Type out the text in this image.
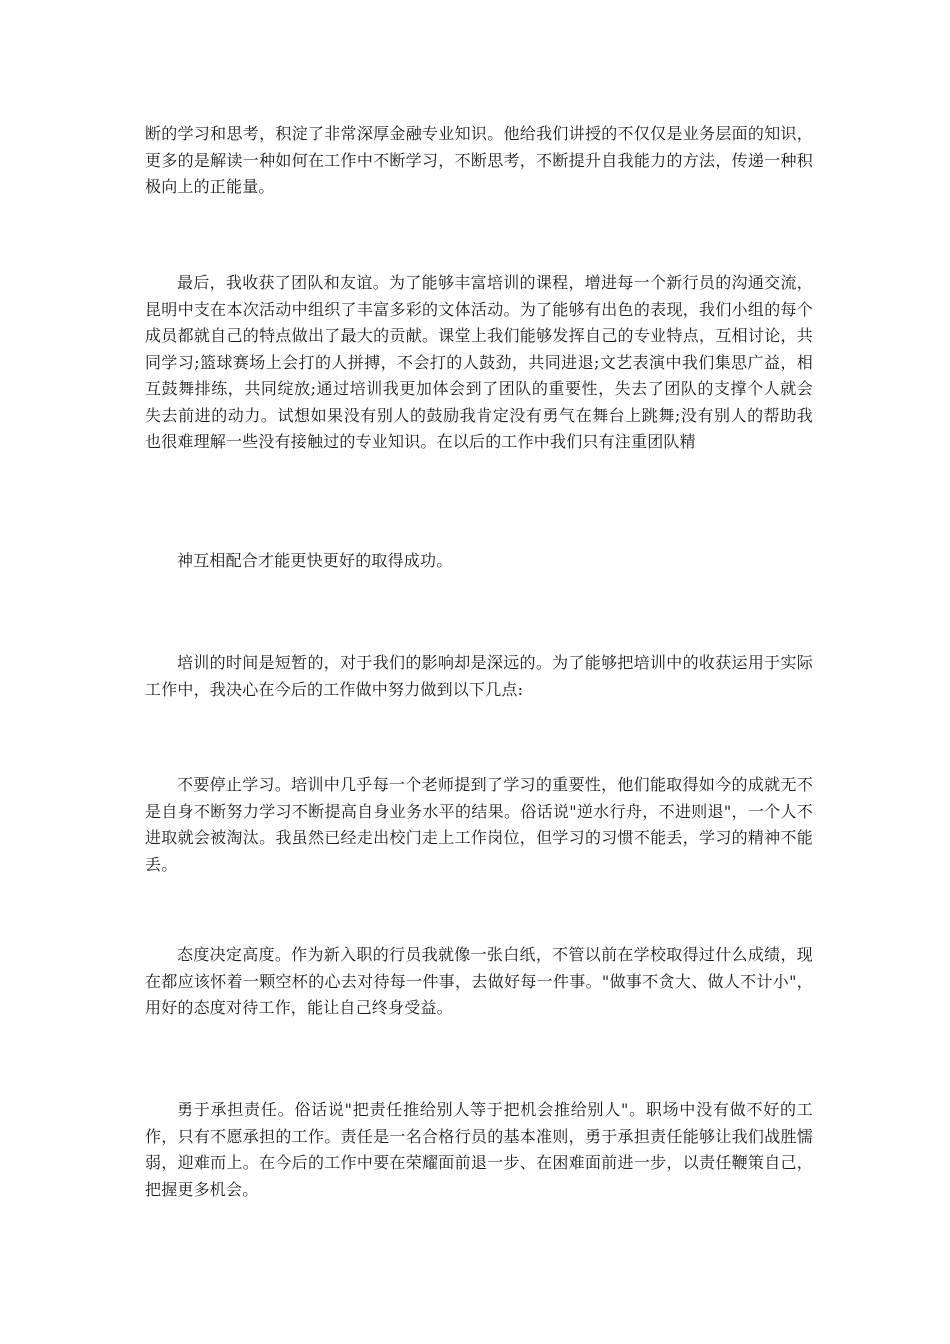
断的学习和思考，积淀了非常深厚金融专业知识。他给我们讲授的不仅仅是业务层面的知识，更多的是解读一种如何在工作中不断学习，不断思考，不断提升自我能力的方法，传递一种积极向上的正能量。

最后，我收获了团队和友谊。为了能够丰富培训的课程，增进每一个新行员的沟通交流，昆明中支在本次活动中组织了丰富多彩的文体活动。为了能够有出色的表现，我们小组的每个成员都就自己的特点做出了最大的贡献。课堂上我们能够发挥自己的专业特点，互相讨论，共同学习;篮球赛场上会打的人拼搏，不会打的人鼓劲，共同进退;文艺表演中我们集思广益，相互鼓舞排练，共同绽放;通过培训我更加体会到了团队的重要性，失去了团队的支撑个人就会失去前进的动力。试想如果没有别人的鼓励我肯定没有勇气在舞台上跳舞;没有别人的帮助我也很难理解一些没有接触过的专业知识。在以后的工作中我们只有注重团队精

神互相配合才能更快更好的取得成功。

培训的时间是短暂的，对于我们的影响却是深远的。为了能够把培训中的收获运用于实际工作中，我决心在今后的工作做中努力做到以下几点:

不要停止学习。培训中几乎每一个老师提到了学习的重要性，他们能取得如今的成就无不是自身不断努力学习不断提高自身业务水平的结果。俗话说"逆水行舟，不进则退"，一个人不进取就会被淘汰。我虽然已经走出校门走上工作岗位，但学习的习惯不能丢，学习的精神不能丢。

态度决定高度。作为新入职的行员我就像一张白纸，不管以前在学校取得过什么成绩，现在都应该怀着一颗空杯的心去对待每一件事，去做好每一件事。"做事不贪大、做人不计小"，用好的态度对待工作，能让自己终身受益。

勇于承担责任。俗话说"把责任推给别人等于把机会推给别人"。职场中没有做不好的工作，只有不愿承担的工作。责任是一名合格行员的基本准则，勇于承担责任能够让我们战胜懦弱，迎难而上。在今后的工作中要在荣耀面前退一步、在困难面前进一步，以责任鞭策自己，把握更多机会。
